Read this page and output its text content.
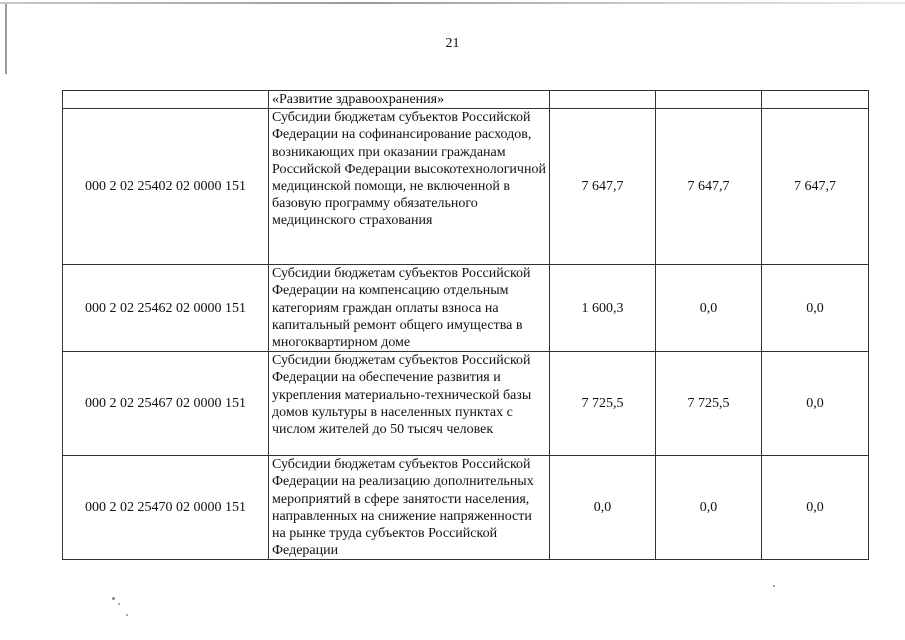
21
	«Развитие здравоохранения»			
000 2 02 25402 02 0000 151	Субсидии бюджетам субъектов Российской Федерации на софинансирование расходов, возникающих при оказании гражданам Российской Федерации высокотехнологичной медицинской помощи, не включенной в базовую программу обязательного медицинского страхования	7 647,7	7 647,7	7 647,7
000 2 02 25462 02 0000 151	Субсидии бюджетам субъектов Российской Федерации на компенсацию отдельным категориям граждан оплаты взноса на капитальный ремонт общего имущества в многоквартирном доме	1 600,3	0,0	0,0
000 2 02 25467 02 0000 151	Субсидии бюджетам субъектов Российской Федерации на обеспечение развития и укрепления материально-технической базы домов культуры в населенных пунктах с числом жителей до 50 тысяч человек	7 725,5	7 725,5	0,0
000 2 02 25470 02 0000 151	Субсидии бюджетам субъектов Российской Федерации на реализацию дополнительных мероприятий в сфере занятости населения, направленных на снижение напряженности на рынке труда субъектов Российской Федерации	0,0	0,0	0,0
